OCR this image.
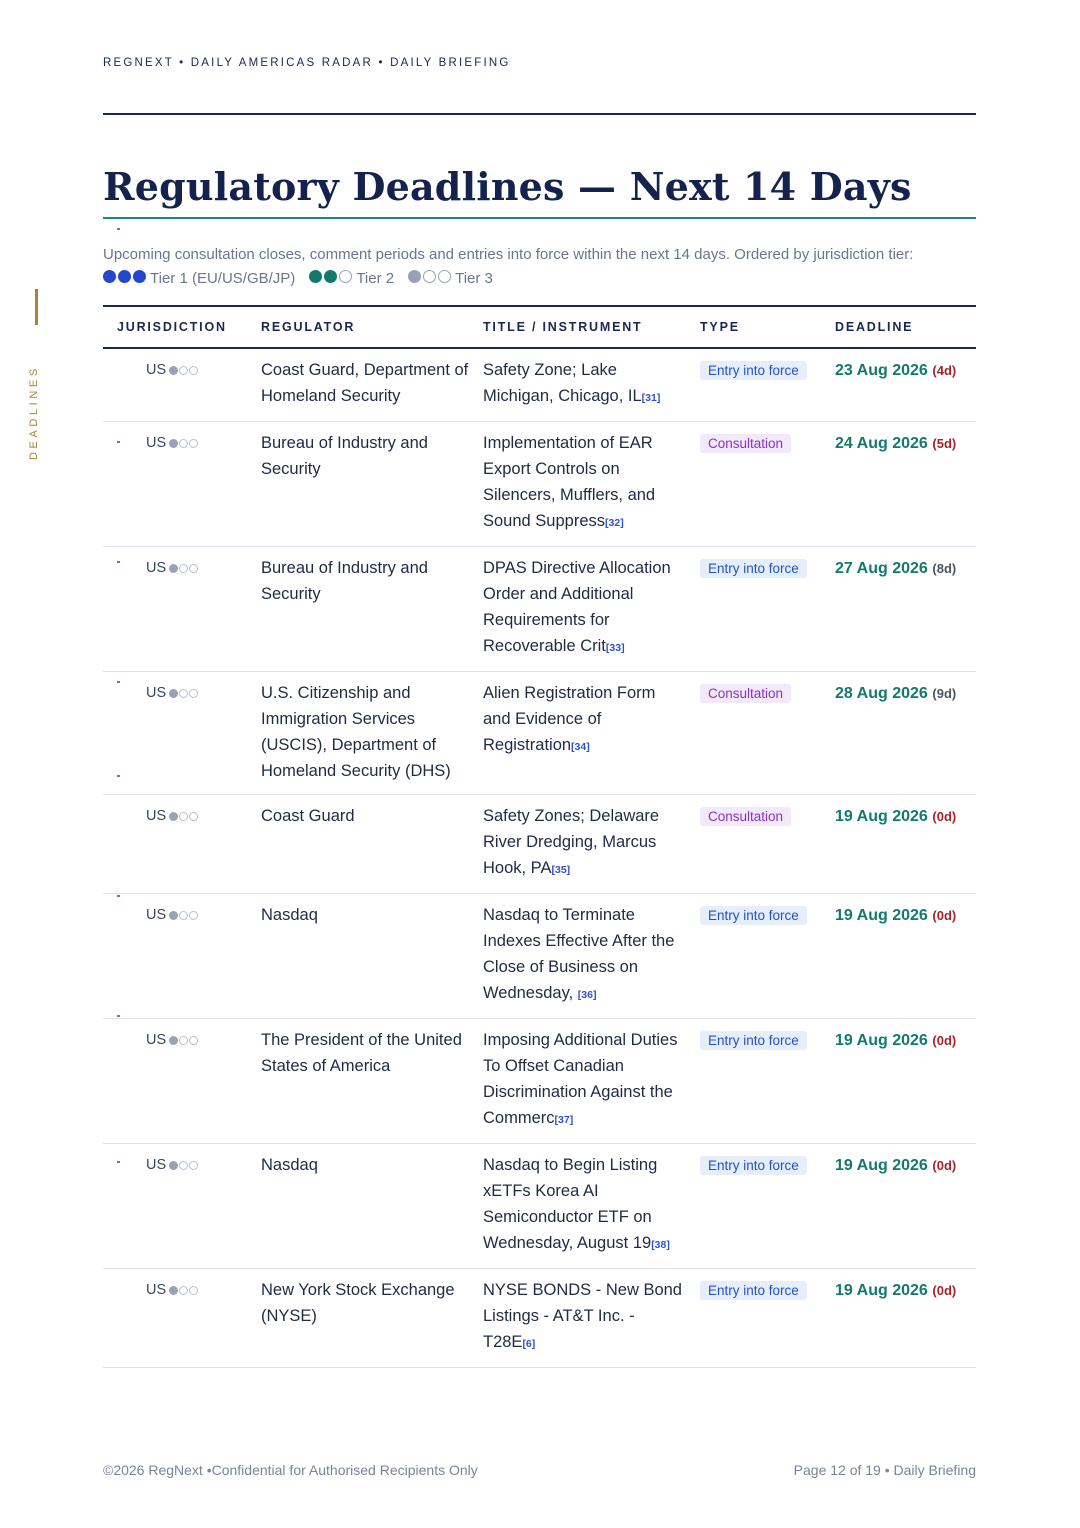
REGNEXT • DAILY AMERICAS RADAR • DAILY BRIEFING
DEADLINES
Regulatory Deadlines — Next 14 Days
Upcoming consultation closes, comment periods and entries into force within the next 14 days. Ordered by jurisdiction tier:
Tier 1 (EU/US/GB/JP)	Tier 2	Tier 3
JURISDICTION	REGULATOR	TITLE / INSTRUMENT	TYPE	DEADLINE
US	Coast Guard, Department of Homeland Security	Safety Zone; Lake Michigan, Chicago, IL[31]	Entry into force	23 Aug 2026 (4d)
US	Bureau of Industry and Security	Implementation of EAR Export Controls on Silencers, Mufflers, and Sound Suppress[32]	Consultation	24 Aug 2026 (5d)
US	Bureau of Industry and Security	DPAS Directive Allocation Order and Additional Requirements for Recoverable Crit[33]	Entry into force	27 Aug 2026 (8d)
US	U.S. Citizenship and Immigration Services (USCIS), Department of Homeland Security (DHS)	Alien Registration Form and Evidence of Registration[34]	Consultation	28 Aug 2026 (9d)
US	Coast Guard	Safety Zones; Delaware River Dredging, Marcus Hook, PA[35]	Consultation	19 Aug 2026 (0d)
US	Nasdaq	Nasdaq to Terminate Indexes Effective After the Close of Business on Wednesday, [36]	Entry into force	19 Aug 2026 (0d)
US	The President of the United States of America	Imposing Additional Duties To Offset Canadian Discrimination Against the Commerc[37]	Entry into force	19 Aug 2026 (0d)
US	Nasdaq	Nasdaq to Begin Listing xETFs Korea AI Semiconductor ETF on Wednesday, August 19[38]	Entry into force	19 Aug 2026 (0d)
US	New York Stock Exchange (NYSE)	NYSE BONDS - New Bond Listings - AT&T Inc. - T28E[6]	Entry into force	19 Aug 2026 (0d)
©2026 RegNext •Confidential for Authorised Recipients Only	Page 12 of 19 • Daily Briefing
